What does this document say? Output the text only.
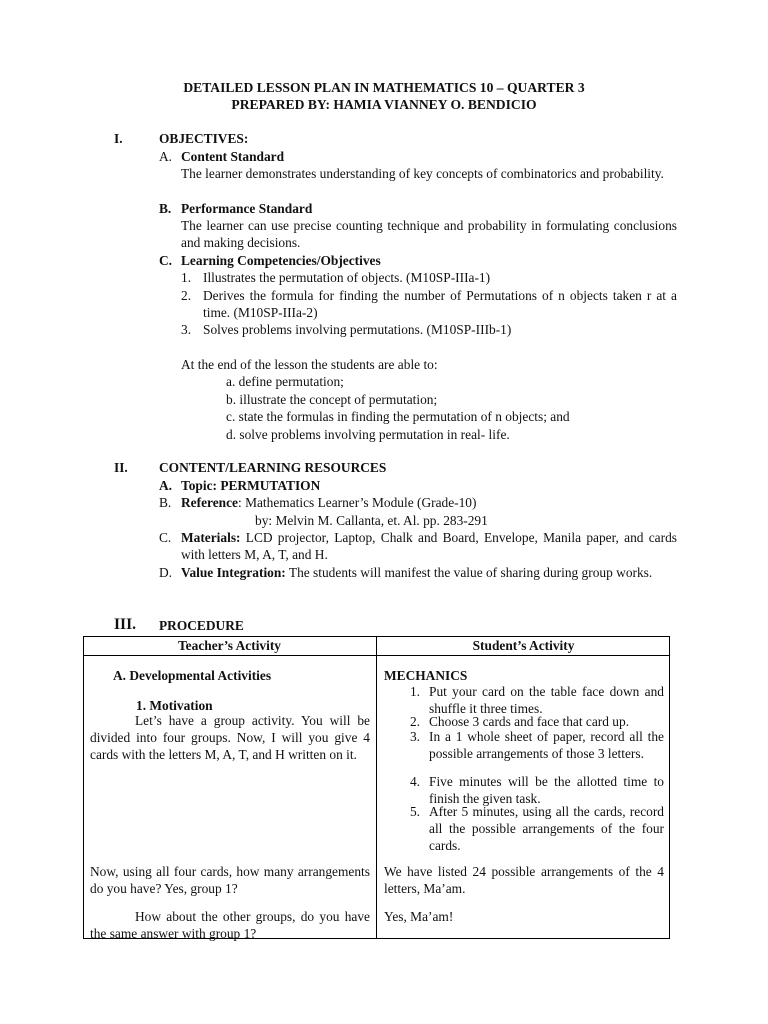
DETAILED LESSON PLAN IN MATHEMATICS 10 – QUARTER 3
PREPARED BY: HAMIA VIANNEY O. BENDICIO
I.	OBJECTIVES:
A. Content Standard
The learner demonstrates understanding of key concepts of combinatorics and probability.
B. Performance Standard
The learner can use precise counting technique and probability in formulating conclusions and making decisions.
C. Learning Competencies/Objectives
1. Illustrates the permutation of objects. (M10SP-IIIa-1)
2. Derives the formula for finding the number of Permutations of n objects taken r at a time. (M10SP-IIIa-2)
3. Solves problems involving permutations. (M10SP-IIIb-1)
At the end of the lesson the students are able to:
a. define permutation;
b. illustrate the concept of permutation;
c. state the formulas in finding the permutation of n objects; and
d. solve problems involving permutation in real- life.
II. CONTENT/LEARNING RESOURCES
A. Topic: PERMUTATION
B. Reference: Mathematics Learner’s Module (Grade-10)
by: Melvin M. Callanta, et. Al. pp. 283-291
C. Materials: LCD projector, Laptop, Chalk and Board, Envelope, Manila paper, and cards with letters M, A, T, and H.
D. Value Integration: The students will manifest the value of sharing during group works.
III. PROCEDURE
Teacher’s Activity	Student’s Activity
A. Developmental Activities
1. Motivation
Let’s have a group activity. You will be divided into four groups. Now, I will you give 4 cards with the letters M, A, T, and H written on it.
Now, using all four cards, how many arrangements do you have? Yes, group 1?
How about the other groups, do you have the same answer with group 1?
MECHANICS
1. Put your card on the table face down and shuffle it three times.
2. Choose 3 cards and face that card up.
3. In a 1 whole sheet of paper, record all the possible arrangements of those 3 letters.
4. Five minutes will be the allotted time to finish the given task.
5. After 5 minutes, using all the cards, record all the possible arrangements of the four cards.
We have listed 24 possible arrangements of the 4 letters, Ma’am.
Yes, Ma’am!
